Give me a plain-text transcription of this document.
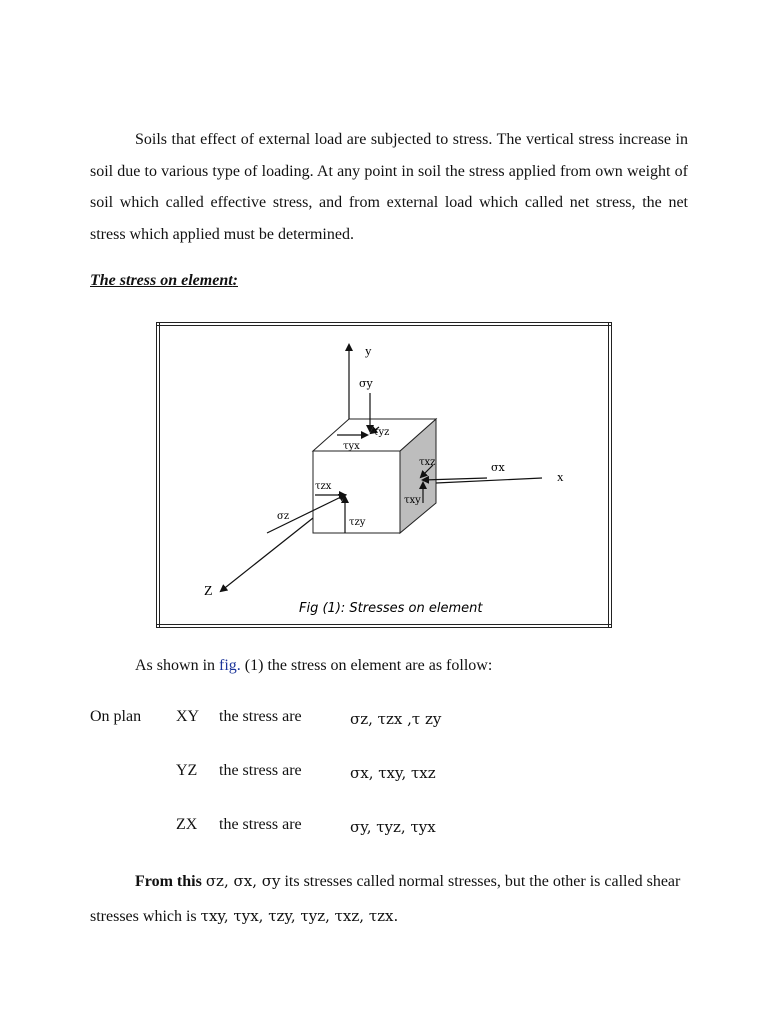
Soils that effect of external load are subjected to stress. The vertical stress increase in soil due to various type of loading. At any point in soil the stress applied from own weight of soil which called effective stress, and from external load which called net stress, the net stress which applied must be determined.
The stress on element:
y
x
Z
σy
τyz
τyx
σx
τxz
τxy
σz
τzx
τzy
Fig (1): Stresses on element
As shown in fig. (1) the stress on element are as follow:
On plan XY the stress are	σz, τzx ,τ zy
YZ the stress are	σx, τxy, τxz
ZX the stress are	σy, τyz, τyx
From this σz, σx, σy its stresses called normal stresses, but the other is called shear stresses which is τxy, τyx, τzy, τyz, τxz, τzx.
